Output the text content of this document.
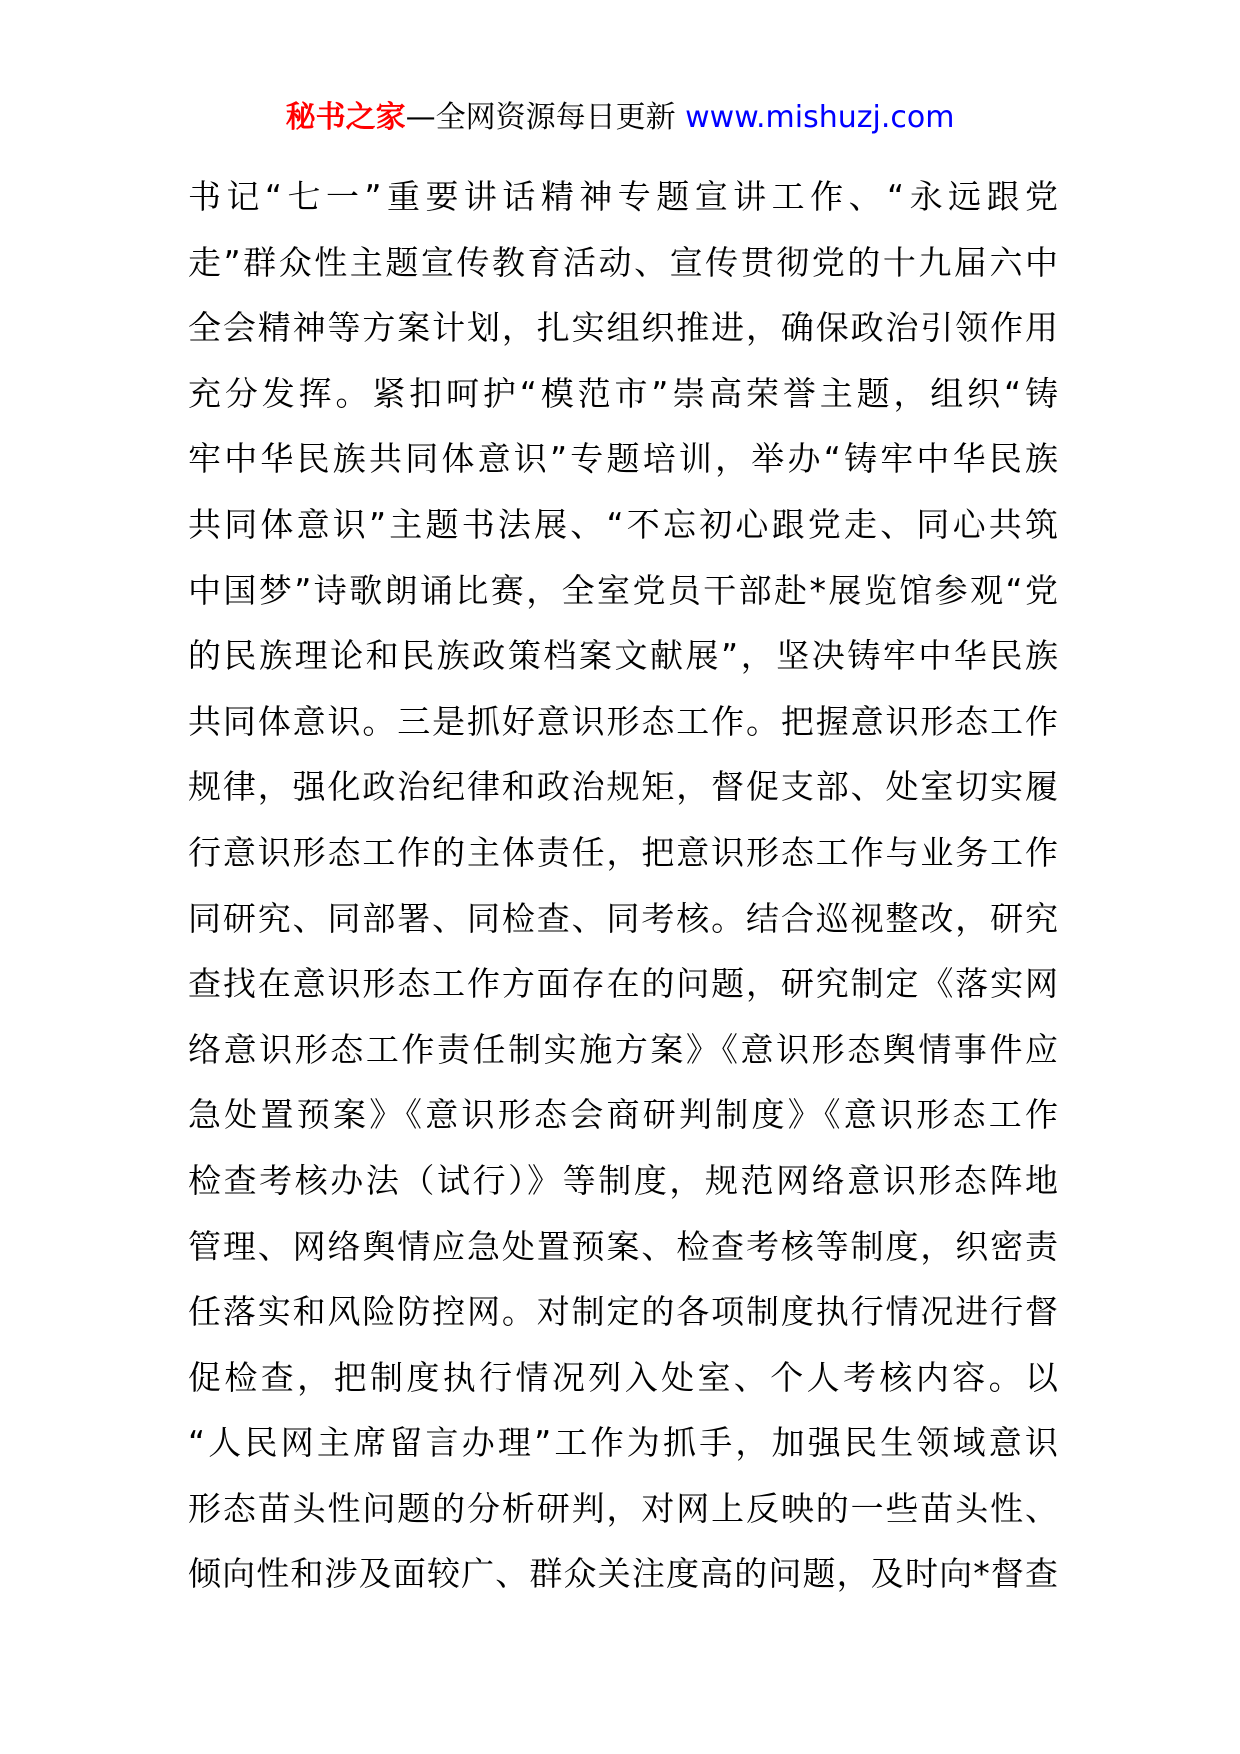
秘书之家—全网资源每日更新 www.mishuzj.com
书记“七一”重要讲话精神专题宣讲工作、“永远跟党
走”群众性主题宣传教育活动、宣传贯彻党的十九届六中
全会精神等方案计划，扎实组织推进，确保政治引领作用
充分发挥。紧扣呵护“模范市”崇高荣誉主题，组织“铸
牢中华民族共同体意识”专题培训，举办“铸牢中华民族
共同体意识”主题书法展、“不忘初心跟党走、同心共筑
中国梦”诗歌朗诵比赛，全室党员干部赴*展览馆参观“党
的民族理论和民族政策档案文献展”，坚决铸牢中华民族
共同体意识。三是抓好意识形态工作。把握意识形态工作
规律，强化政治纪律和政治规矩，督促支部、处室切实履
行意识形态工作的主体责任，把意识形态工作与业务工作
同研究、同部署、同检查、同考核。结合巡视整改，研究
查找在意识形态工作方面存在的问题，研究制定《落实网
络意识形态工作责任制实施方案》《意识形态舆情事件应
急处置预案》《意识形态会商研判制度》《意识形态工作
检查考核办法（试行）》等制度，规范网络意识形态阵地
管理、网络舆情应急处置预案、检查考核等制度，织密责
任落实和风险防控网。对制定的各项制度执行情况进行督
促检查，把制度执行情况列入处室、个人考核内容。以
“人民网主席留言办理”工作为抓手，加强民生领域意识
形态苗头性问题的分析研判，对网上反映的一些苗头性、
倾向性和涉及面较广、群众关注度高的问题，及时向*督查
